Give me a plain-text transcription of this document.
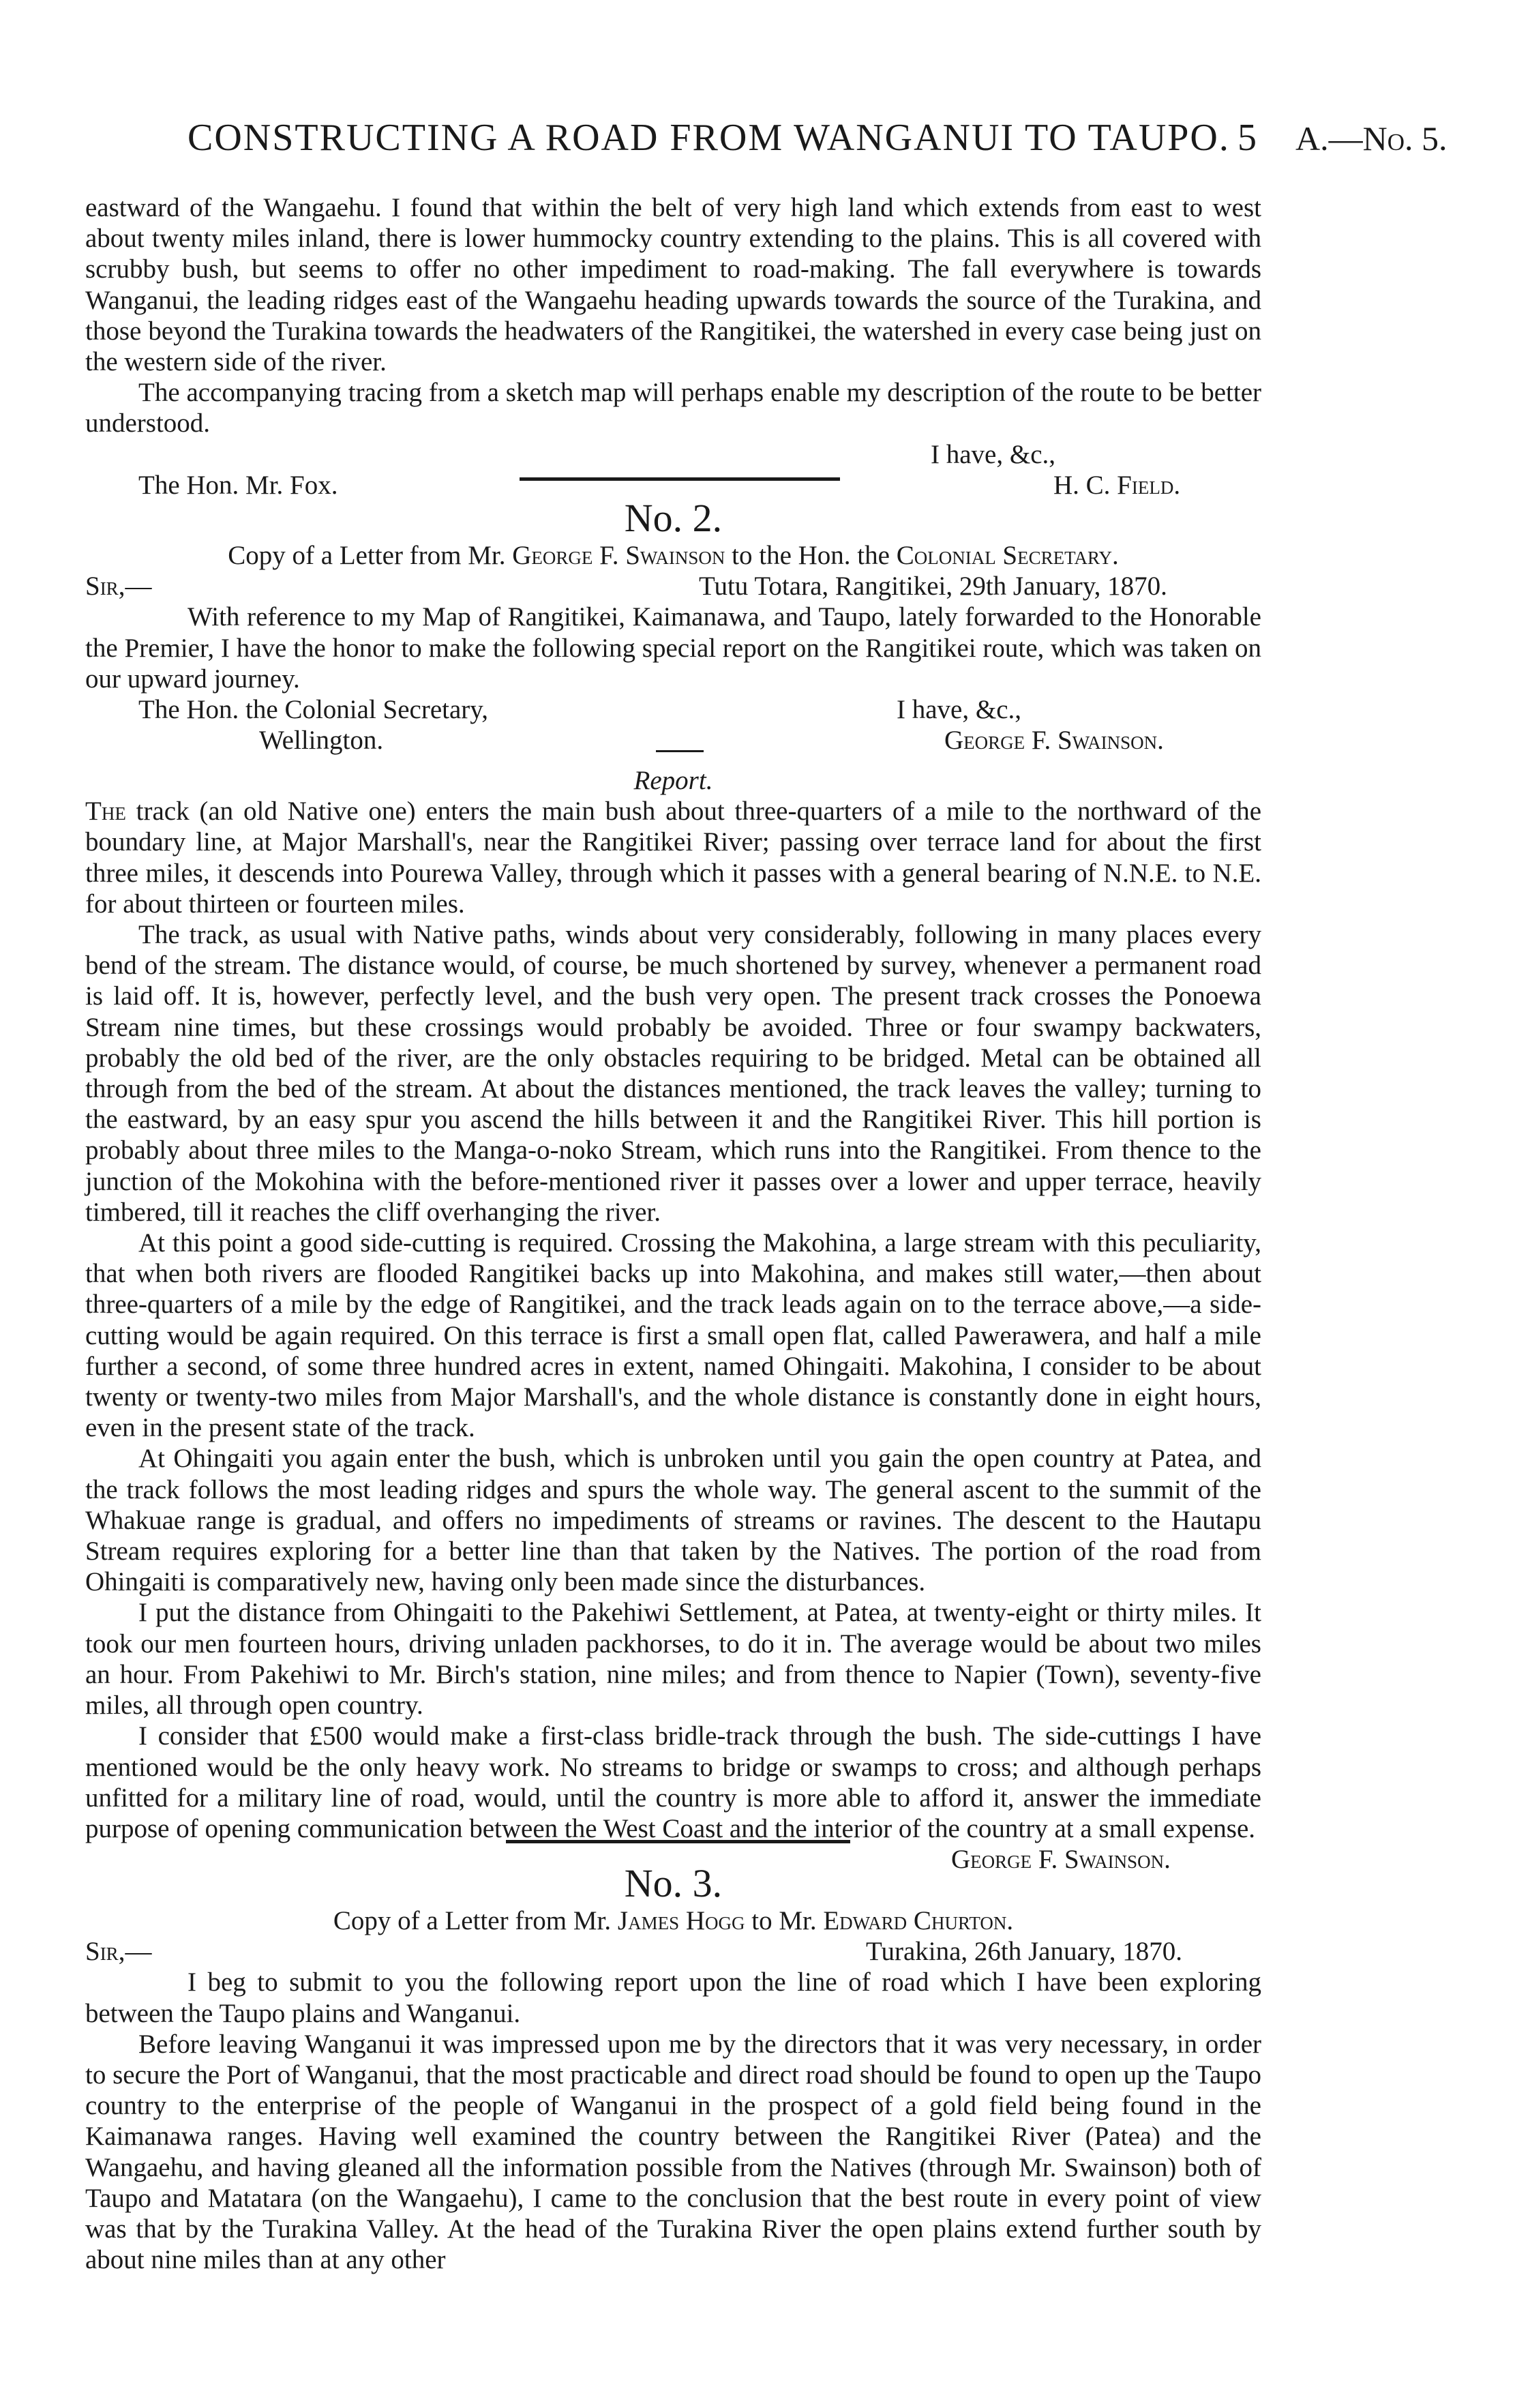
CONSTRUCTING A ROAD FROM WANGANUI TO TAUPO. 5 A.—No. 5.

eastward of the Wangaehu. I found that within the belt of very high land which extends from east to west about twenty miles inland, there is lower hummocky country extending to the plains. This is all covered with scrubby bush, but seems to offer no other impediment to road-making. The fall everywhere is towards Wanganui, the leading ridges east of the Wangaehu heading upwards towards the source of the Turakina, and those beyond the Turakina towards the headwaters of the Rangitikei, the watershed in every case being just on the western side of the river.

The accompanying tracing from a sketch map will perhaps enable my description of the route to be better understood.

I have, &c.,
The Hon. Mr. Fox.	H. C. Field.
No. 2.
Copy of a Letter from Mr. George F. Swainson to the Hon. the Colonial Secretary.
Sir,—	Tutu Totara, Rangitikei, 29th January, 1870.

With reference to my Map of Rangitikei, Kaimanawa, and Taupo, lately forwarded to the Honorable the Premier, I have the honor to make the following special report on the Rangitikei route, which was taken on our upward journey.

The Hon. the Colonial Secretary,	I have, &c.,
Wellington.	George F. Swainson.
Report.

The track (an old Native one) enters the main bush about three-quarters of a mile to the northward of the boundary line, at Major Marshall's, near the Rangitikei River; passing over terrace land for about the first three miles, it descends into Pourewa Valley, through which it passes with a general bearing of N.N.E. to N.E. for about thirteen or fourteen miles.

The track, as usual with Native paths, winds about very considerably, following in many places every bend of the stream. The distance would, of course, be much shortened by survey, whenever a permanent road is laid off. It is, however, perfectly level, and the bush very open. The present track crosses the Ponoewa Stream nine times, but these crossings would probably be avoided. Three or four swampy backwaters, probably the old bed of the river, are the only obstacles requiring to be bridged. Metal can be obtained all through from the bed of the stream. At about the distances mentioned, the track leaves the valley; turning to the eastward, by an easy spur you ascend the hills between it and the Rangitikei River. This hill portion is probably about three miles to the Manga-o-noko Stream, which runs into the Rangitikei. From thence to the junction of the Mokohina with the before-mentioned river it passes over a lower and upper terrace, heavily timbered, till it reaches the cliff overhanging the river.

At this point a good side-cutting is required. Crossing the Makohina, a large stream with this peculiarity, that when both rivers are flooded Rangitikei backs up into Makohina, and makes still water,—then about three-quarters of a mile by the edge of Rangitikei, and the track leads again on to the terrace above,—a side-cutting would be again required. On this terrace is first a small open flat, called Pawerawera, and half a mile further a second, of some three hundred acres in extent, named Ohingaiti. Makohina, I consider to be about twenty or twenty-two miles from Major Marshall's, and the whole distance is constantly done in eight hours, even in the present state of the track.

At Ohingaiti you again enter the bush, which is unbroken until you gain the open country at Patea, and the track follows the most leading ridges and spurs the whole way. The general ascent to the summit of the Whakuae range is gradual, and offers no impediments of streams or ravines. The descent to the Hautapu Stream requires exploring for a better line than that taken by the Natives. The portion of the road from Ohingaiti is comparatively new, having only been made since the disturbances.

I put the distance from Ohingaiti to the Pakehiwi Settlement, at Patea, at twenty-eight or thirty miles. It took our men fourteen hours, driving unladen packhorses, to do it in. The average would be about two miles an hour. From Pakehiwi to Mr. Birch's station, nine miles; and from thence to Napier (Town), seventy-five miles, all through open country.

I consider that £500 would make a first-class bridle-track through the bush. The side-cuttings I have mentioned would be the only heavy work. No streams to bridge or swamps to cross; and although perhaps unfitted for a military line of road, would, until the country is more able to afford it, answer the immediate purpose of opening communication between the West Coast and the interior of the country at a small expense.

George F. Swainson.
No. 3.
Copy of a Letter from Mr. James Hogg to Mr. Edward Churton.
Sir,—	Turakina, 26th January, 1870.

I beg to submit to you the following report upon the line of road which I have been exploring between the Taupo plains and Wanganui.

Before leaving Wanganui it was impressed upon me by the directors that it was very necessary, in order to secure the Port of Wanganui, that the most practicable and direct road should be found to open up the Taupo country to the enterprise of the people of Wanganui in the prospect of a gold field being found in the Kaimanawa ranges. Having well examined the country between the Rangitikei River (Patea) and the Wangaehu, and having gleaned all the information possible from the Natives (through Mr. Swainson) both of Taupo and Matatara (on the Wangaehu), I came to the conclusion that the best route in every point of view was that by the Turakina Valley. At the head of the Turakina River the open plains extend further south by about nine miles than at any other
